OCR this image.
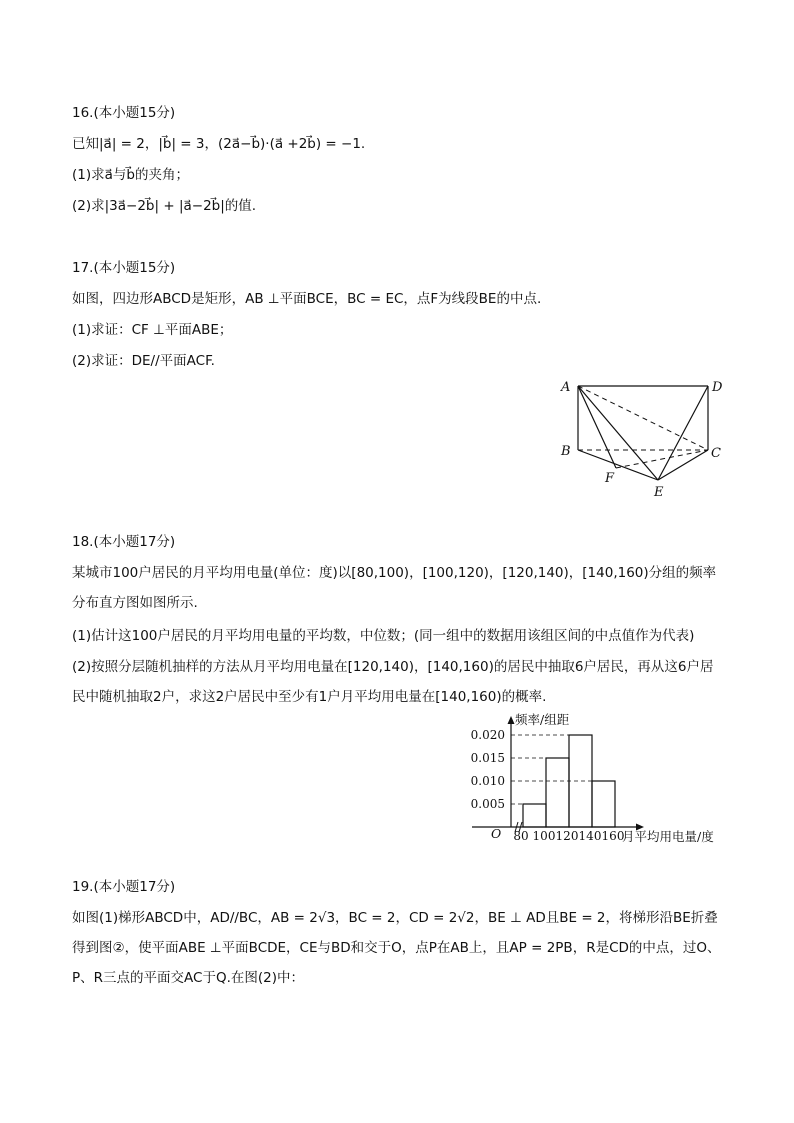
16.(本小题15分)
已知|a⃗| = 2，|b⃗| = 3，(2a⃗−b⃗)·(a⃗ +2b⃗) = −1.
(1)求a⃗与b⃗的夹角；
(2)求|3a⃗−2b⃗| + |a⃗−2b⃗|的值.
17.(本小题15分)
如图，四边形ABCD是矩形，AB ⊥平面BCE，BC = EC，点F为线段BE的中点.
(1)求证：CF ⊥平面ABE；
(2)求证：DE//平面ACF.
A	D
B	C
F
E
18.(本小题17分)
某城市100户居民的月平均用电量(单位：度)以[80,100)，[100,120)，[120,140)，[140,160)分组的频率分布直方图如图所示.
(1)估计这100户居民的月平均用电量的平均数，中位数；(同一组中的数据用该组区间的中点值作为代表)
(2)按照分层随机抽样的方法从月平均用电量在[120,140)，[140,160)的居民中抽取6户居民，再从这6户居民中随机抽取2户，求这2户居民中至少有1户月平均用电量在[140,160)的概率.
频率/组距
月平均用电量/度
O
0.005
0.010
0.015
0.020
80 100 120 140 160
19.(本小题17分)
如图(1)梯形ABCD中，AD//BC，AB = 2√3，BC = 2，CD = 2√2，BE ⊥ AD且BE = 2，将梯形沿BE折叠得到图②，使平面ABE ⊥平面BCDE，CE与BD和交于O，点P在AB上，且AP = 2PB，R是CD的中点，过O、P、R三点的平面交AC于Q.在图(2)中：
